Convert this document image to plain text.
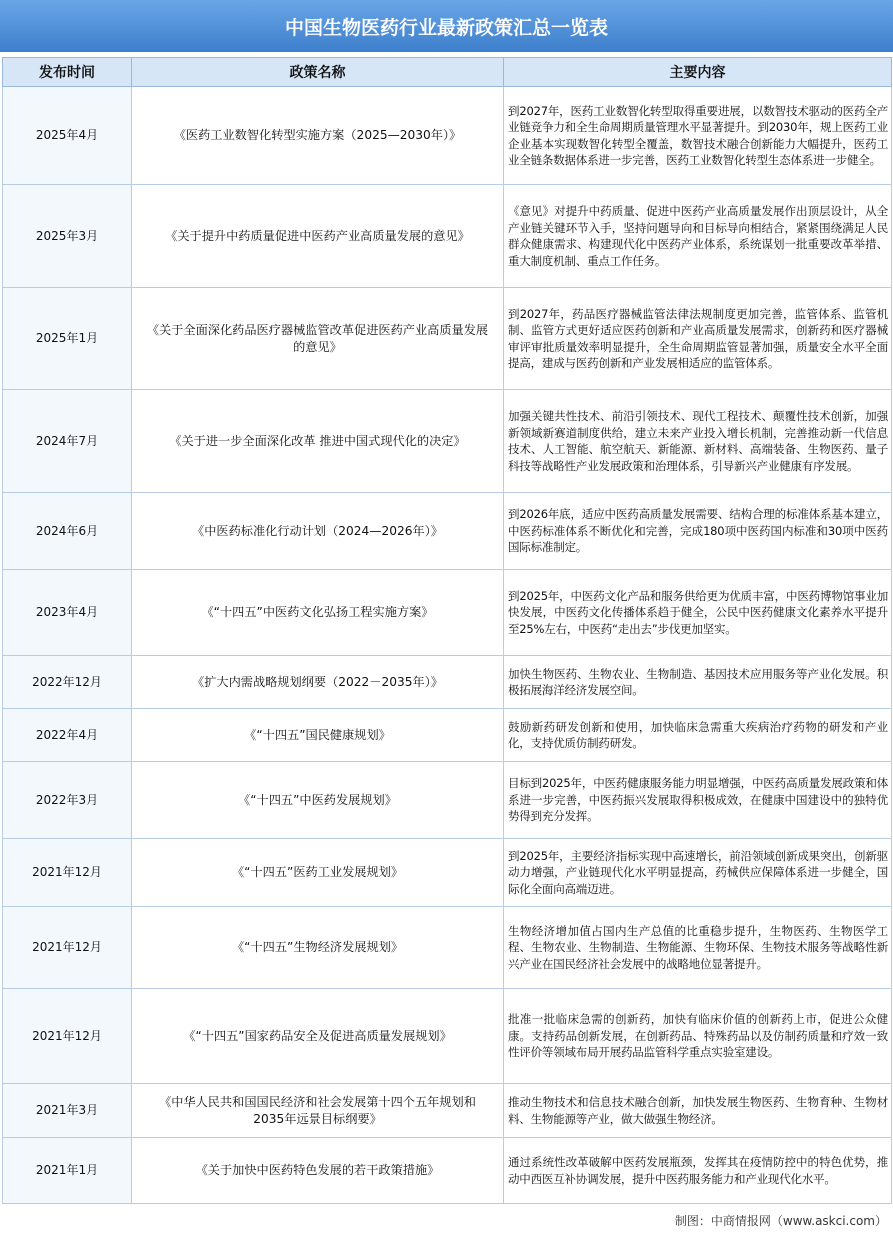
中国生物医药行业最新政策汇总一览表
发布时间	政策名称	主要内容
2025年4月	《医药工业数智化转型实施方案（2025—2030年）》	到2027年，医药工业数智化转型取得重要进展，以数智技术驱动的医药全产业链竞争力和全生命周期质量管理水平显著提升。到2030年，规上医药工业企业基本实现数智化转型全覆盖，数智技术融合创新能力大幅提升，医药工业全链条数据体系进一步完善，医药工业数智化转型生态体系进一步健全。
2025年3月	《关于提升中药质量促进中医药产业高质量发展的意见》	《意见》对提升中药质量、促进中医药产业高质量发展作出顶层设计，从全产业链关键环节入手，坚持问题导向和目标导向相结合，紧紧围绕满足人民群众健康需求、构建现代化中医药产业体系，系统谋划一批重要改革举措、重大制度机制、重点工作任务。
2025年1月	《关于全面深化药品医疗器械监管改革促进医药产业高质量发展的意见》	到2027年，药品医疗器械监管法律法规制度更加完善，监管体系、监管机制、监管方式更好适应医药创新和产业高质量发展需求，创新药和医疗器械审评审批质量效率明显提升，全生命周期监管显著加强，质量安全水平全面提高，建成与医药创新和产业发展相适应的监管体系。
2024年7月	《关于进一步全面深化改革 推进中国式现代化的决定》	加强关键共性技术、前沿引领技术、现代工程技术、颠覆性技术创新，加强新领域新赛道制度供给，建立未来产业投入增长机制，完善推动新一代信息技术、人工智能、航空航天、新能源、新材料、高端装备、生物医药、量子科技等战略性产业发展政策和治理体系，引导新兴产业健康有序发展。
2024年6月	《中医药标准化行动计划（2024—2026年）》	到2026年底，适应中医药高质量发展需要、结构合理的标准体系基本建立，中医药标准体系不断优化和完善，完成180项中医药国内标准和30项中医药国际标准制定。
2023年4月	《“十四五”中医药文化弘扬工程实施方案》	到2025年，中医药文化产品和服务供给更为优质丰富，中医药博物馆事业加快发展，中医药文化传播体系趋于健全，公民中医药健康文化素养水平提升至25%左右，中医药“走出去”步伐更加坚实。
2022年12月	《扩大内需战略规划纲要（2022－2035年）》	加快生物医药、生物农业、生物制造、基因技术应用服务等产业化发展。积极拓展海洋经济发展空间。
2022年4月	《“十四五”国民健康规划》	鼓励新药研发创新和使用，加快临床急需重大疾病治疗药物的研发和产业化，支持优质仿制药研发。
2022年3月	《“十四五”中医药发展规划》	目标到2025年，中医药健康服务能力明显增强，中医药高质量发展政策和体系进一步完善，中医药振兴发展取得积极成效，在健康中国建设中的独特优势得到充分发挥。
2021年12月	《“十四五”医药工业发展规划》	到2025年，主要经济指标实现中高速增长，前沿领域创新成果突出，创新驱动力增强，产业链现代化水平明显提高，药械供应保障体系进一步健全，国际化全面向高端迈进。
2021年12月	《“十四五”生物经济发展规划》	生物经济增加值占国内生产总值的比重稳步提升，生物医药、生物医学工程、生物农业、生物制造、生物能源、生物环保、生物技术服务等战略性新兴产业在国民经济社会发展中的战略地位显著提升。
2021年12月	《“十四五”国家药品安全及促进高质量发展规划》	批准一批临床急需的创新药，加快有临床价值的创新药上市，促进公众健康。支持药品创新发展，在创新药品、特殊药品以及仿制药质量和疗效一致性评价等领域布局开展药品监管科学重点实验室建设。
2021年3月	《中华人民共和国国民经济和社会发展第十四个五年规划和2035年远景目标纲要》	推动生物技术和信息技术融合创新，加快发展生物医药、生物育种、生物材料、生物能源等产业，做大做强生物经济。
2021年1月	《关于加快中医药特色发展的若干政策措施》	通过系统性改革破解中医药发展瓶颈，发挥其在疫情防控中的特色优势，推动中西医互补协调发展，提升中医药服务能力和产业现代化水平。
制图：中商情报网（www.askci.com）
